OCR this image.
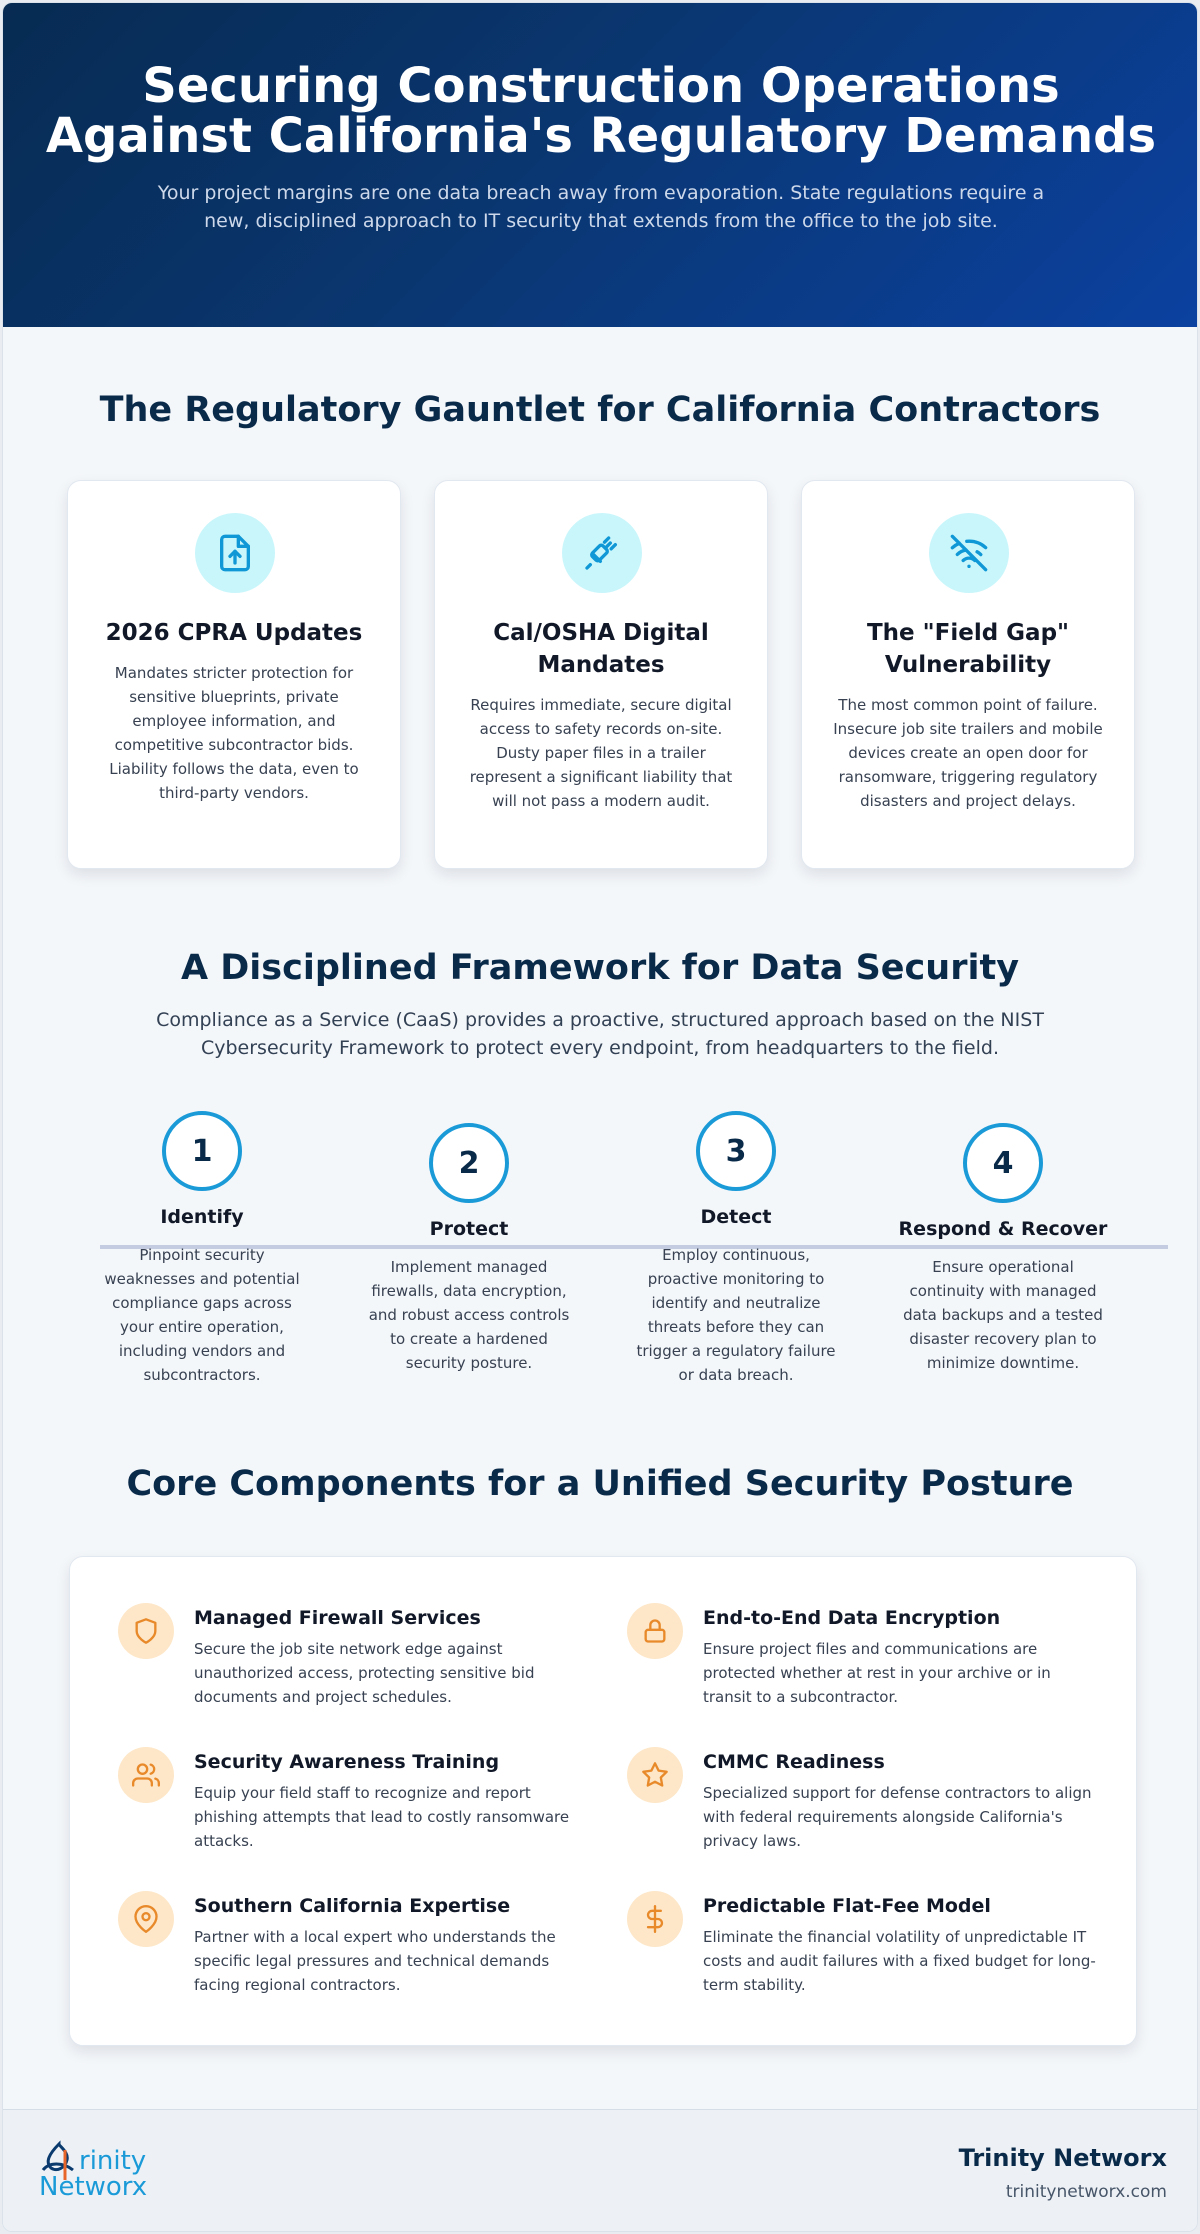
Securing Construction Operations
Against California's Regulatory Demands

Your project margins are one data breach away from evaporation. State regulations require a new, disciplined approach to IT security that extends from the office to the job site.

The Regulatory Gauntlet for California Contractors
2026 CPRA Updates

Mandates stricter protection for sensitive blueprints, private employee information, and competitive subcontractor bids. Liability follows the data, even to third-party vendors.

Cal/OSHA Digital Mandates

Requires immediate, secure digital access to safety records on-site. Dusty paper files in a trailer represent a significant liability that will not pass a modern audit.

The "Field Gap" Vulnerability

The most common point of failure. Insecure job site trailers and mobile devices create an open door for ransomware, triggering regulatory disasters and project delays.

A Disciplined Framework for Data Security

Compliance as a Service (CaaS) provides a proactive, structured approach based on the NIST Cybersecurity Framework to protect every endpoint, from headquarters to the field.

1
Identify
Pinpoint security weaknesses and potential compliance gaps across your entire operation, including vendors and subcontractors.
2
Protect
Implement managed firewalls, data encryption, and robust access controls to create a hardened security posture.
3
Detect
Employ continuous, proactive monitoring to identify and neutralize threats before they can trigger a regulatory failure or data breach.
4
Respond & Recover
Ensure operational continuity with managed data backups and a tested disaster recovery plan to minimize downtime.
Core Components for a Unified Security Posture
Managed Firewall Services

Secure the job site network edge against unauthorized access, protecting sensitive bid documents and project schedules.

End-to-End Data Encryption

Ensure project files and communications are protected whether at rest in your archive or in transit to a subcontractor.

Security Awareness Training

Equip your field staff to recognize and report phishing attempts that lead to costly ransomware attacks.

CMMC Readiness

Specialized support for defense contractors to align with federal requirements alongside California's privacy laws.

Southern California Expertise

Partner with a local expert who understands the specific legal pressures and technical demands facing regional contractors.

Predictable Flat-Fee Model

Eliminate the financial volatility of unpredictable IT costs and audit failures with a fixed budget for long-term stability.

rinity
Networx
Trinity Networx
trinitynetworx.com
